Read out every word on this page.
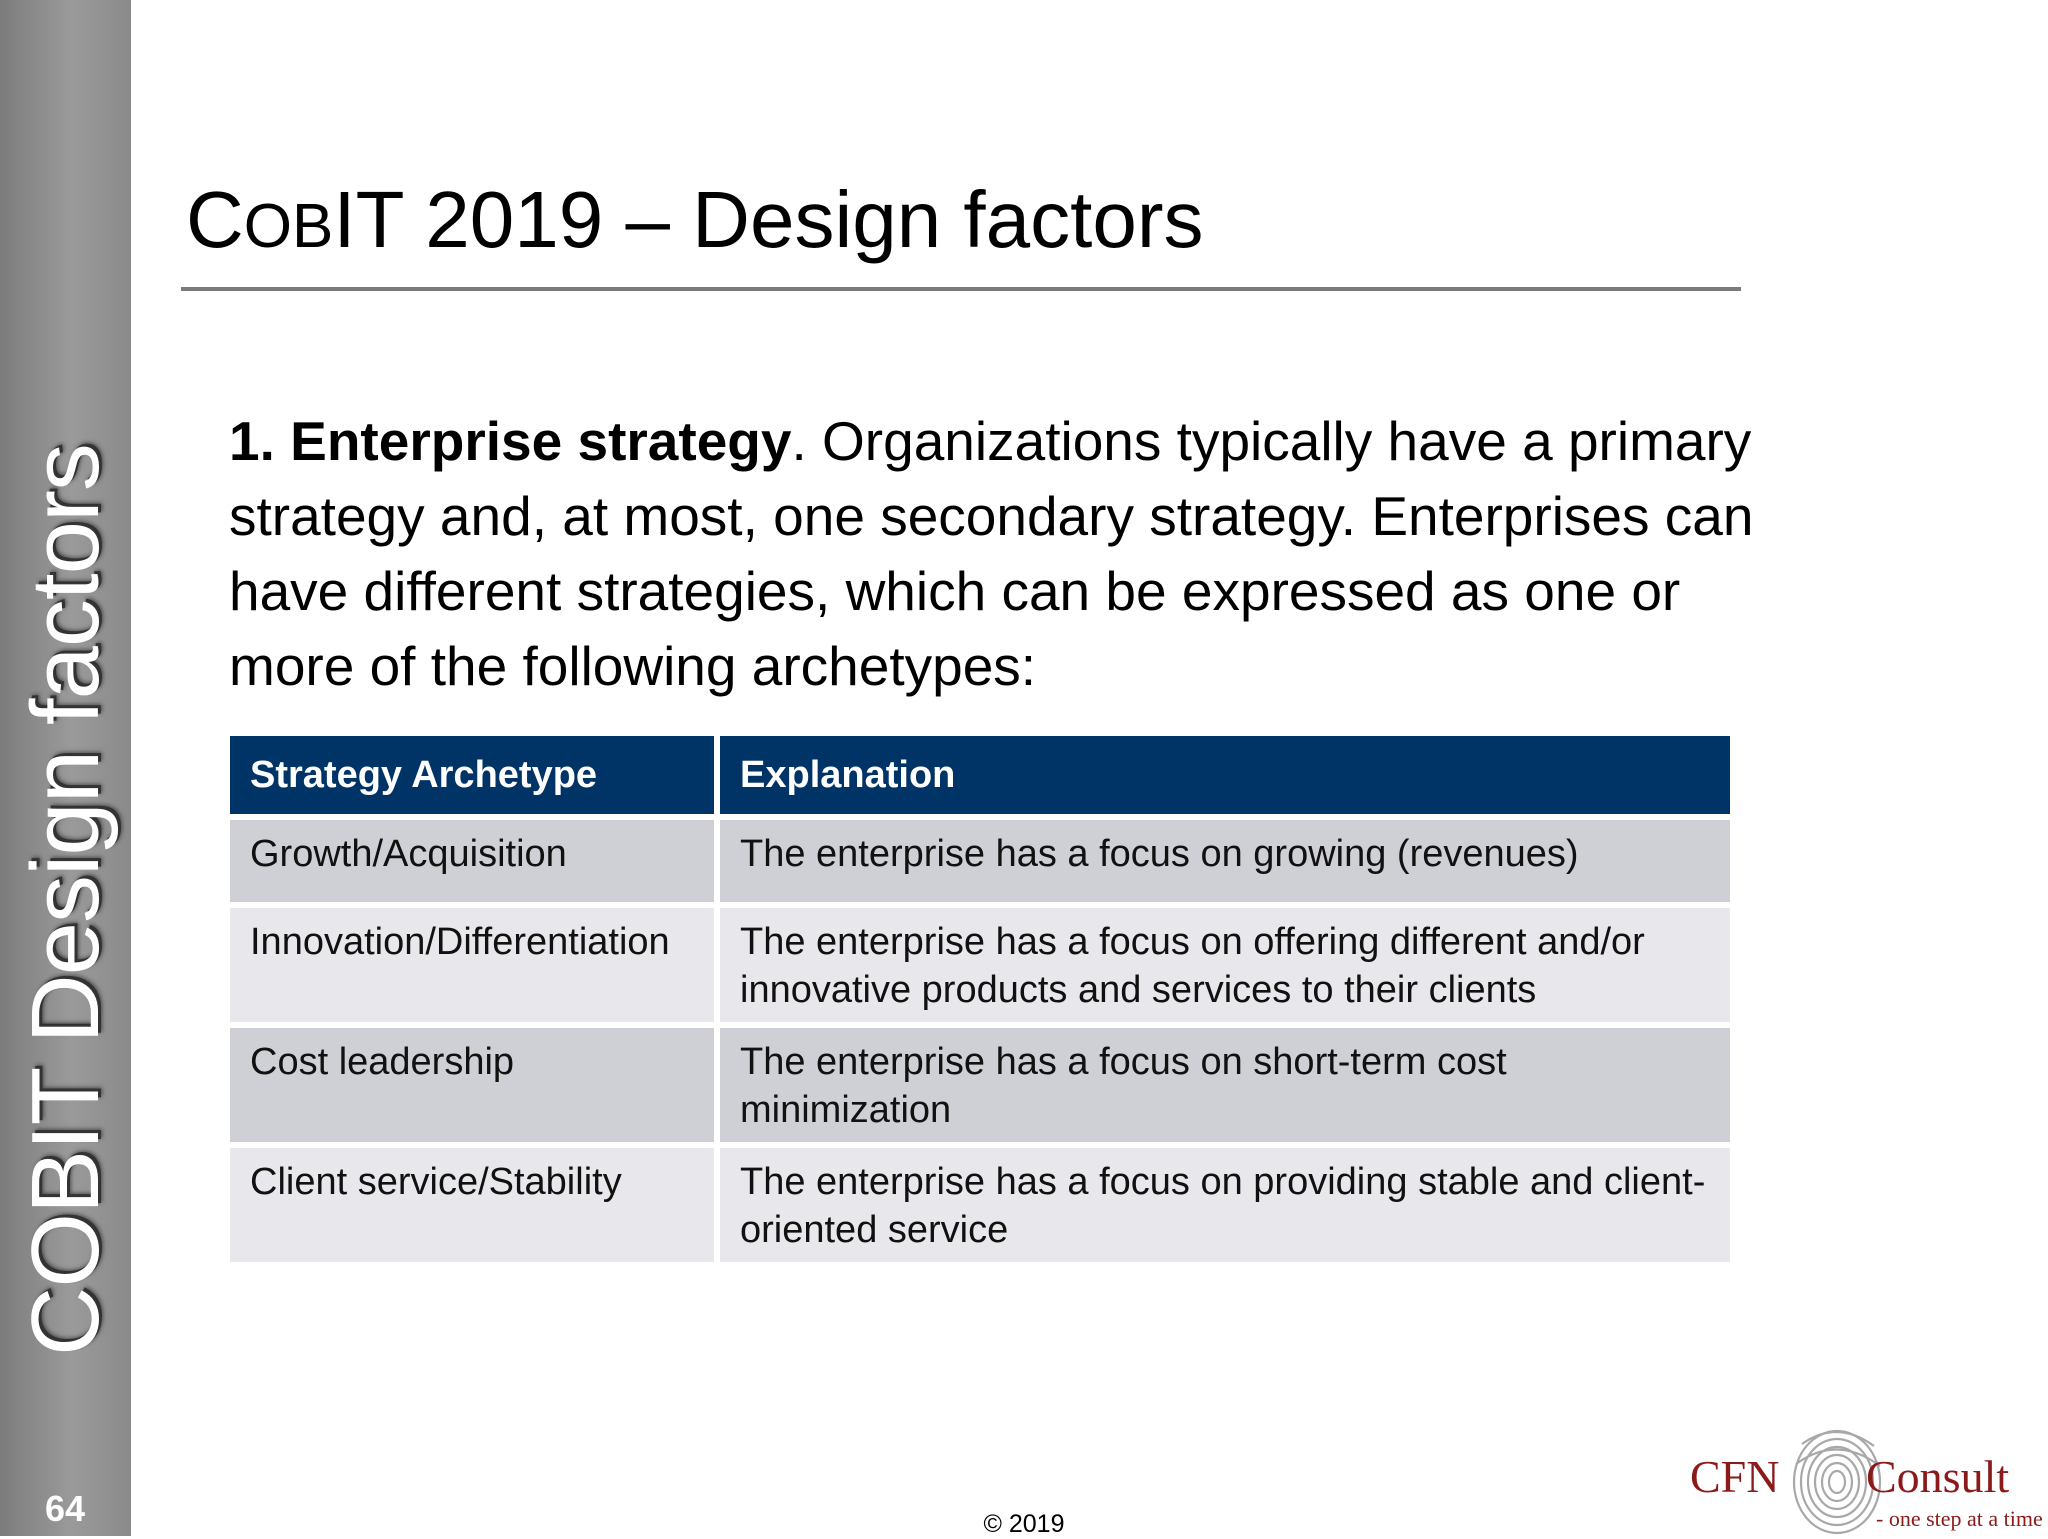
COBIT Design factors
64
COBIT 2019 – Design factors

1. Enterprise strategy. Organizations typically have a primary strategy and, at most, one secondary strategy. Enterprises can have different strategies, which can be expressed as one or more of the following archetypes:

Strategy Archetype	Explanation
Growth/Acquisition	The enterprise has a focus on growing (revenues)
Innovation/Differentiation	The enterprise has a focus on offering different and/or innovative products and services to their clients
Cost leadership	The enterprise has a focus on short-term cost minimization
Client service/Stability	The enterprise has a focus on providing stable and client-oriented service
© 2019
CFN Consult
- one step at a time
